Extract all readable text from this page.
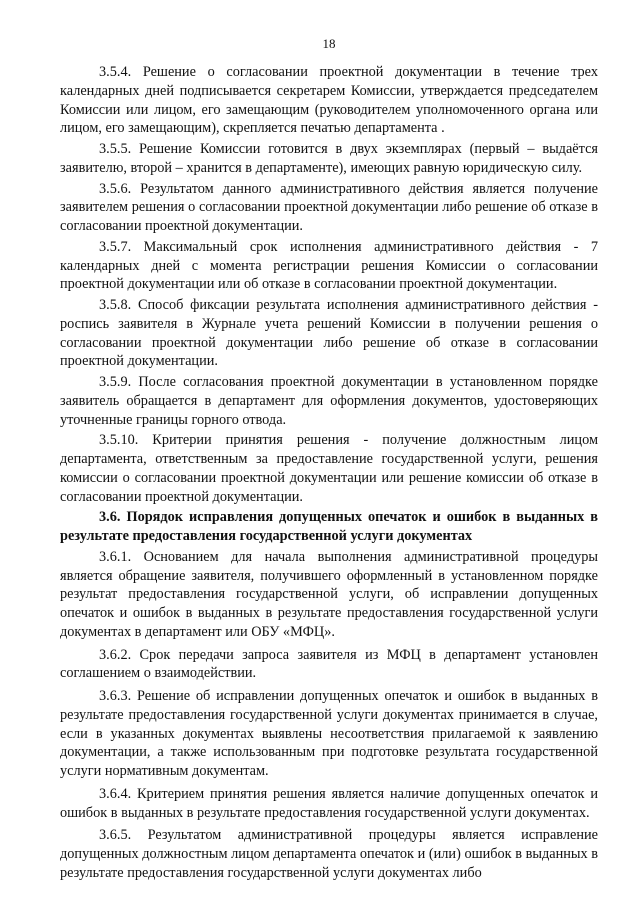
18

3.5.4. Решение о согласовании проектной документации в течение трех календарных дней подписывается секретарем Комиссии, утверждается председателем Комиссии или лицом, его замещающим (руководителем уполномоченного органа или лицом, его замещающим), скрепляется печатью департамента .

3.5.5. Решение Комиссии готовится в двух экземплярах (первый – выдаётся заявителю, второй – хранится в департаменте), имеющих равную юридическую силу.

3.5.6. Результатом данного административного действия является получение заявителем решения о согласовании проектной документации либо решение об отказе в согласовании проектной документации.

3.5.7. Максимальный срок исполнения административного действия - 7 календарных дней с момента регистрации решения Комиссии о согласовании проектной документации или об отказе в согласовании проектной документации.

3.5.8. Способ фиксации результата исполнения административного действия - роспись заявителя в Журнале учета решений Комиссии в получении решения о согласовании проектной документации либо решение об отказе в согласовании проектной документации.

3.5.9. После согласования проектной документации в установленном порядке заявитель обращается в департамент для оформления документов, удостоверяющих уточненные границы горного отвода.

3.5.10. Критерии принятия решения - получение должностным лицом департамента, ответственным за предоставление государственной услуги, решения комиссии о согласовании проектной документации или решение комиссии об отказе в согласовании проектной документации.

3.6. Порядок исправления допущенных опечаток и ошибок в выданных в результате предоставления государственной услуги документах

3.6.1. Основанием для начала выполнения административной процедуры является обращение заявителя, получившего оформленный в установленном порядке результат предоставления государственной услуги, об исправлении допущенных опечаток и ошибок в выданных в результате предоставления государственной услуги документах в департамент или ОБУ «МФЦ».

3.6.2. Срок передачи запроса заявителя из МФЦ в департамент установлен соглашением о взаимодействии.

3.6.3. Решение об исправлении допущенных опечаток и ошибок в выданных в результате предоставления государственной услуги документах принимается в случае, если в указанных документах выявлены несоответствия прилагаемой к заявлению документации, а также использованным при подготовке результата государственной услуги нормативным документам.

3.6.4. Критерием принятия решения является наличие допущенных опечаток и ошибок в выданных в результате предоставления государственной услуги документах.

3.6.5. Результатом административной процедуры является исправление допущенных должностным лицом департамента опечаток и (или) ошибок в выданных в результате предоставления государственной услуги документах либо
